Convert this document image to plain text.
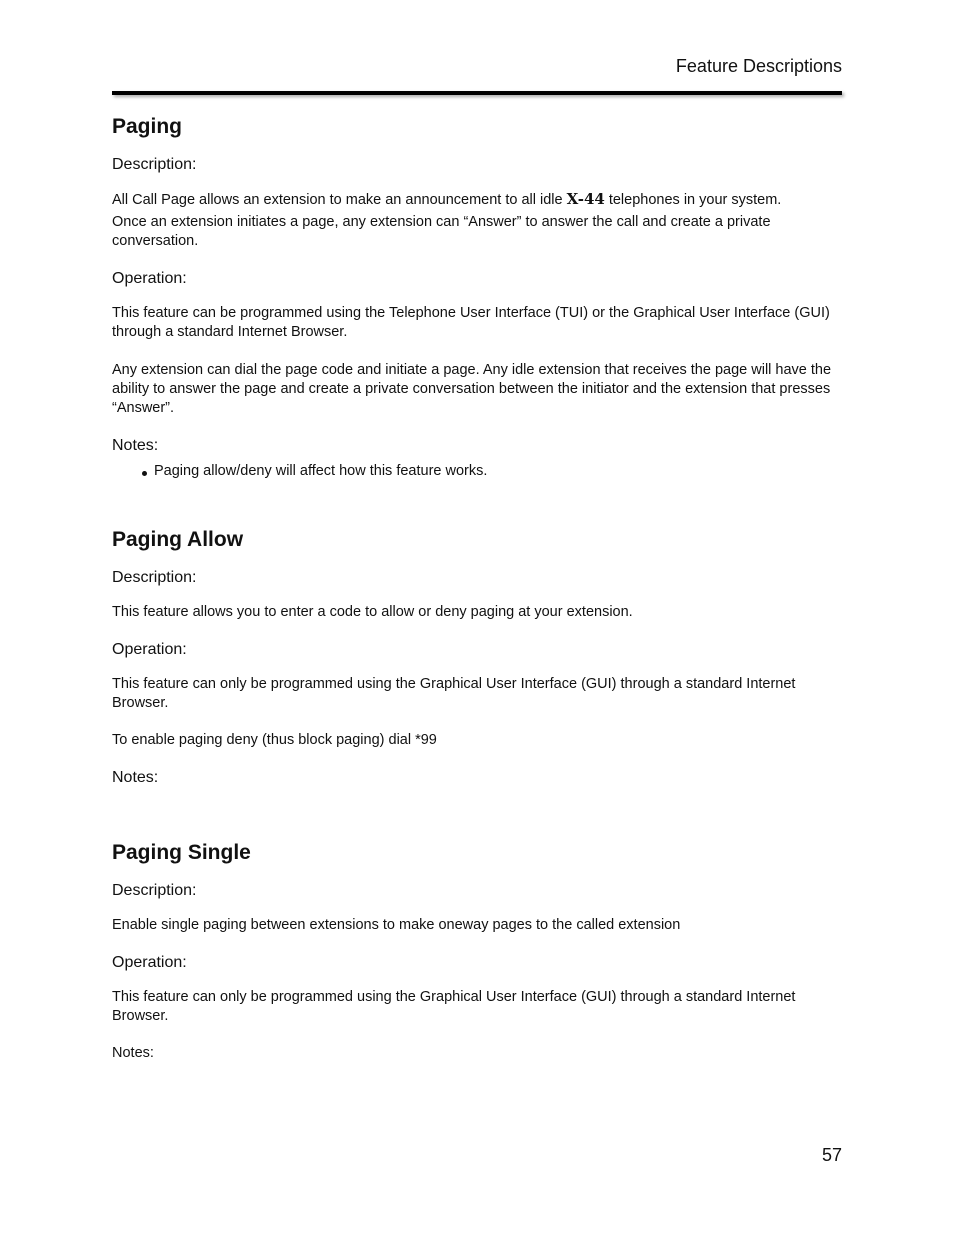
Feature Descriptions
Paging
Description:

All Call Page allows an extension to make an announcement to all idle X-44 telephones in your system.

Once an extension initiates a page, any extension can “Answer” to answer the call and create a private conversation.

Operation:

This feature can be programmed using the Telephone User Interface (TUI) or the Graphical User Interface (GUI) through a standard Internet Browser.

Any extension can dial the page code and initiate a page. Any idle extension that receives the page will have the ability to answer the page and create a private conversation between the initiator and the extension that presses “Answer”.

Notes:
Paging allow/deny will affect how this feature works.
Paging Allow
Description:

This feature allows you to enter a code to allow or deny paging at your extension.

Operation:

This feature can only be programmed using the Graphical User Interface (GUI) through a standard Internet Browser.

To enable paging deny (thus block paging) dial *99

Notes:
Paging Single
Description:

Enable single paging between extensions to make oneway pages to the called extension

Operation:

This feature can only be programmed using the Graphical User Interface (GUI) through a standard Internet Browser.

Notes:

57
